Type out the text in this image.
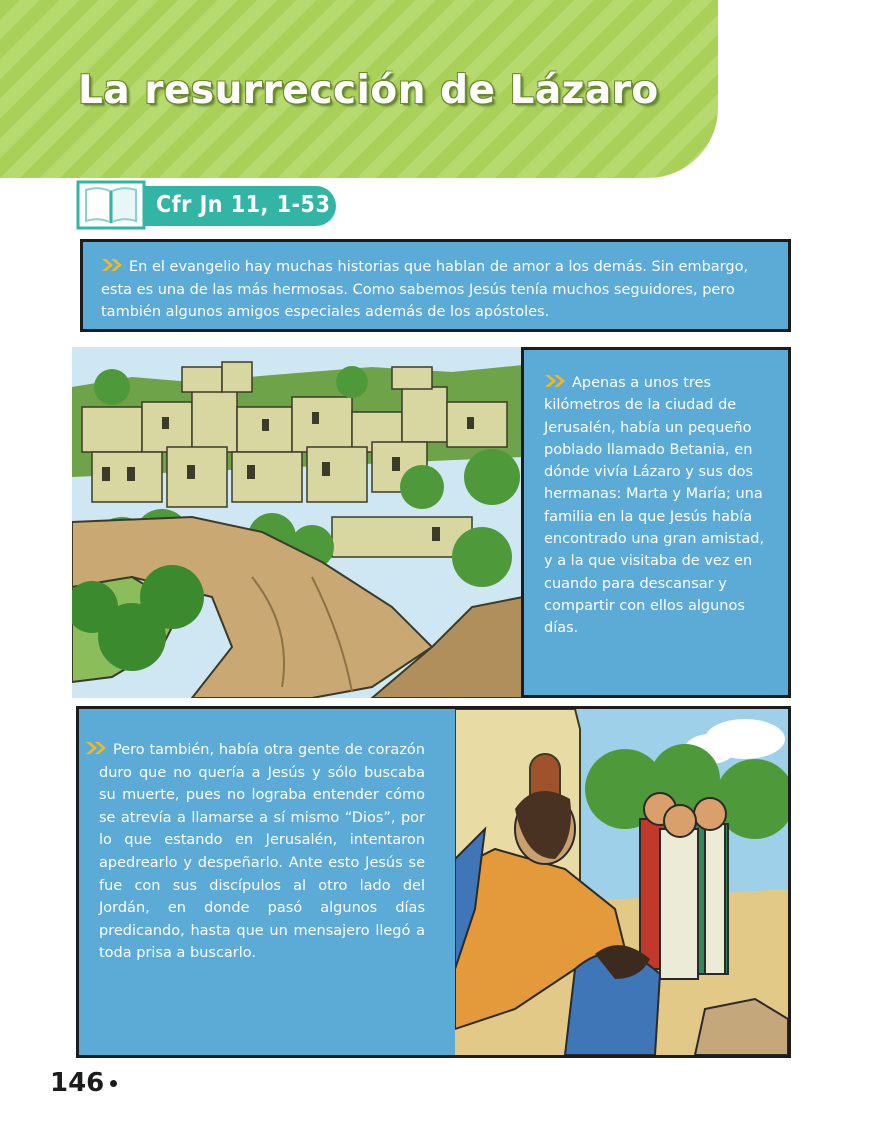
La resurrección de Lázaro
Cfr Jn 11, 1-53

En el evangelio hay muchas historias que hablan de amor a los demás. Sin embargo, esta es una de las más hermosas. Como sabemos Jesús tenía muchos seguidores, pero también algunos amigos especiales además de los apóstoles.

Apenas a unos tres kilómetros de la ciudad de Jerusalén, había un pequeño poblado llamado Betania, en dónde vivía Lázaro y sus dos hermanas: Marta y María; una familia en la que Jesús había encontrado una gran amistad, y a la que visitaba de vez en cuando para descansar y compartir con ellos algunos días.

Pero también, había otra gente de corazón duro que no quería a Jesús y sólo buscaba su muerte, pues no lograba entender cómo se atrevía a llamarse a sí mismo “Dios”, por lo que estando en Jerusalén, intentaron apedrearlo y despeñarlo. Ante esto Jesús se fue con sus discípulos al otro lado del Jordán, en donde pasó algunos días predicando, hasta que un mensajero llegó a toda prisa a buscarlo.

146
